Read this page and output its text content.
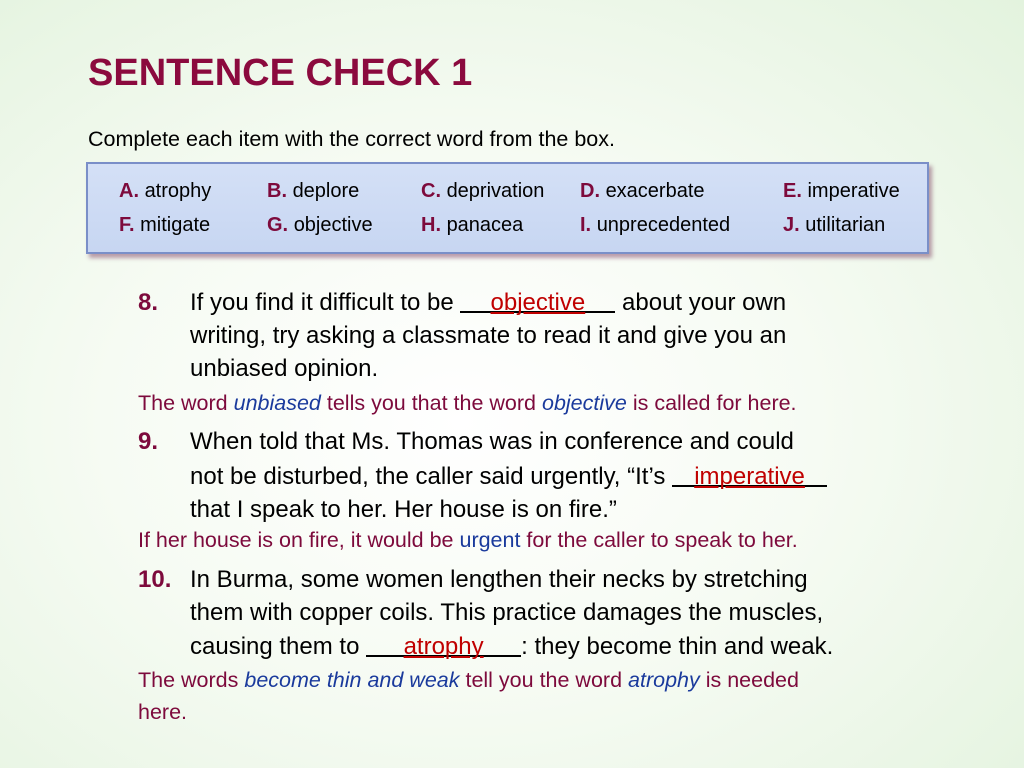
SENTENCE CHECK 1
Complete each item with the correct word from the box.
A. atrophy	B. deplore	C. deprivation D. exacerbate	E. imperative
F. mitigate	G. objective H. panacea	I. unprecedented	J. utilitarian
8. If you find it difficult to be
objective about your own
writing, try asking a classmate to read it and give you an
unbiased opinion.
The word unbiased tells you that the word objective is called for here.
9. When told that Ms. Thomas was in conference and could
not be disturbed, the caller said urgently, “It’s
imperative
that I speak to her. Her house is on fire.”
If her house is on fire, it would be urgent for the caller to speak to her.
10. In Burma, some women lengthen their necks by stretching
them with copper coils. This practice damages the muscles,
causing them to
atrophy : they become thin and weak.
The words become thin and weak tell you the word atrophy is needed
here.
